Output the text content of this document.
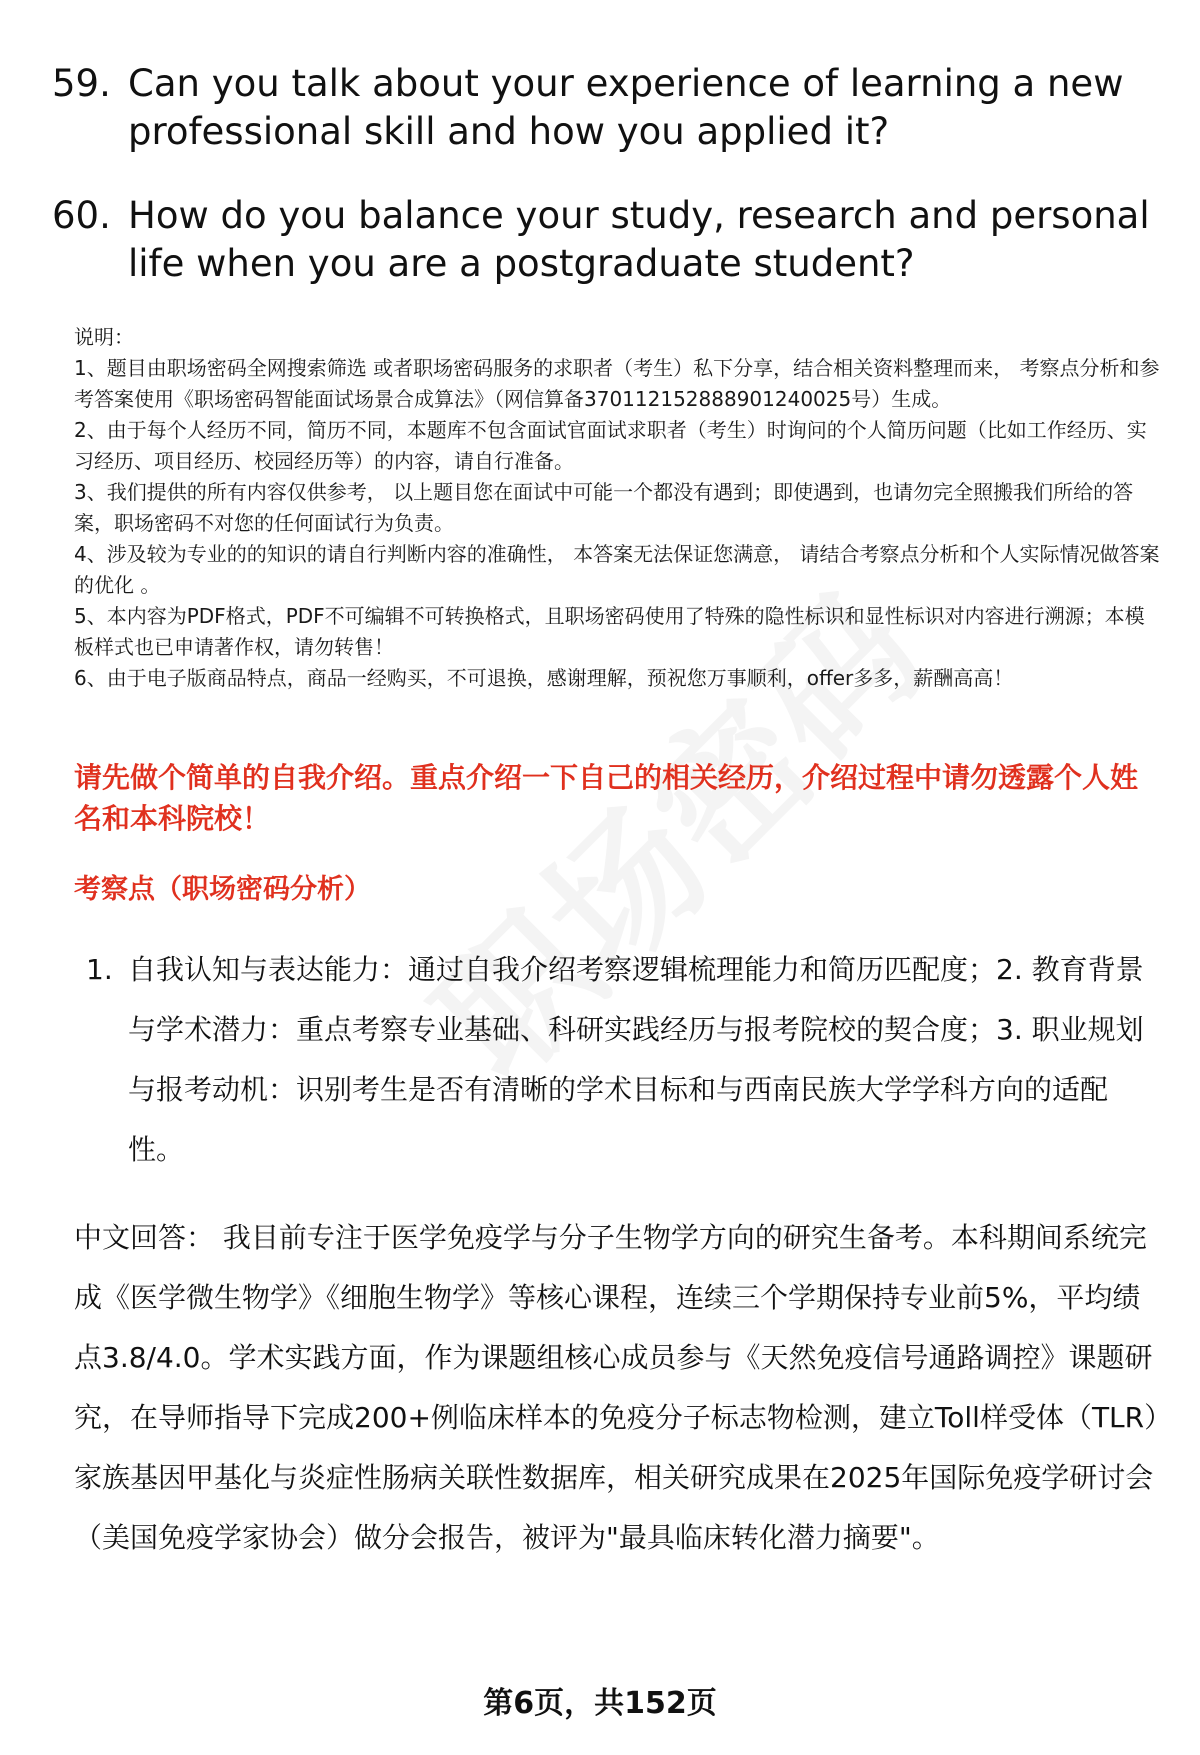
59. Can you talk about your experience of learning a new professional skill and how you applied it?
60. How do you balance your study, research and personal life when you are a postgraduate student?
说明：
1、题目由职场密码全网搜索筛选 或者职场密码服务的求职者（考生）私下分享，结合相关资料整理而来， 考察点分析和参考答案使用《职场密码智能面试场景合成算法》（网信算备370112152888901240025号）生成。
2、由于每个人经历不同，简历不同，本题库不包含面试官面试求职者（考生）时询问的个人简历问题（比如工作经历、实习经历、项目经历、校园经历等）的内容，请自行准备。
3、我们提供的所有内容仅供参考， 以上题目您在面试中可能一个都没有遇到；即使遇到，也请勿完全照搬我们所给的答案，职场密码不对您的任何面试行为负责。
4、涉及较为专业的的知识的请自行判断内容的准确性， 本答案无法保证您满意， 请结合考察点分析和个人实际情况做答案的优化 。
5、本内容为PDF格式，PDF不可编辑不可转换格式，且职场密码使用了特殊的隐性标识和显性标识对内容进行溯源；本模板样式也已申请著作权，请勿转售！
6、由于电子版商品特点，商品一经购买，不可退换，感谢理解，预祝您万事顺利，offer多多，薪酬高高！
请先做个简单的自我介绍。重点介绍一下自己的相关经历，介绍过程中请勿透露个人姓名和本科院校！
考察点（职场密码分析）
1. 自我认知与表达能力：通过自我介绍考察逻辑梳理能力和简历匹配度；2. 教育背景与学术潜力：重点考察专业基础、科研实践经历与报考院校的契合度；3. 职业规划与报考动机：识别考生是否有清晰的学术目标和与西南民族大学学科方向的适配性。
中文回答： 我目前专注于医学免疫学与分子生物学方向的研究生备考。本科期间系统完成《医学微生物学》《细胞生物学》等核心课程，连续三个学期保持专业前5%，平均绩点3.8/4.0。学术实践方面，作为课题组核心成员参与《天然免疫信号通路调控》课题研究，在导师指导下完成200+例临床样本的免疫分子标志物检测，建立Toll样受体（TLR）家族基因甲基化与炎症性肠病关联性数据库，相关研究成果在2025年国际免疫学研讨会（美国免疫学家协会）做分会报告，被评为"最具临床转化潜力摘要"。
第6页，共152页
